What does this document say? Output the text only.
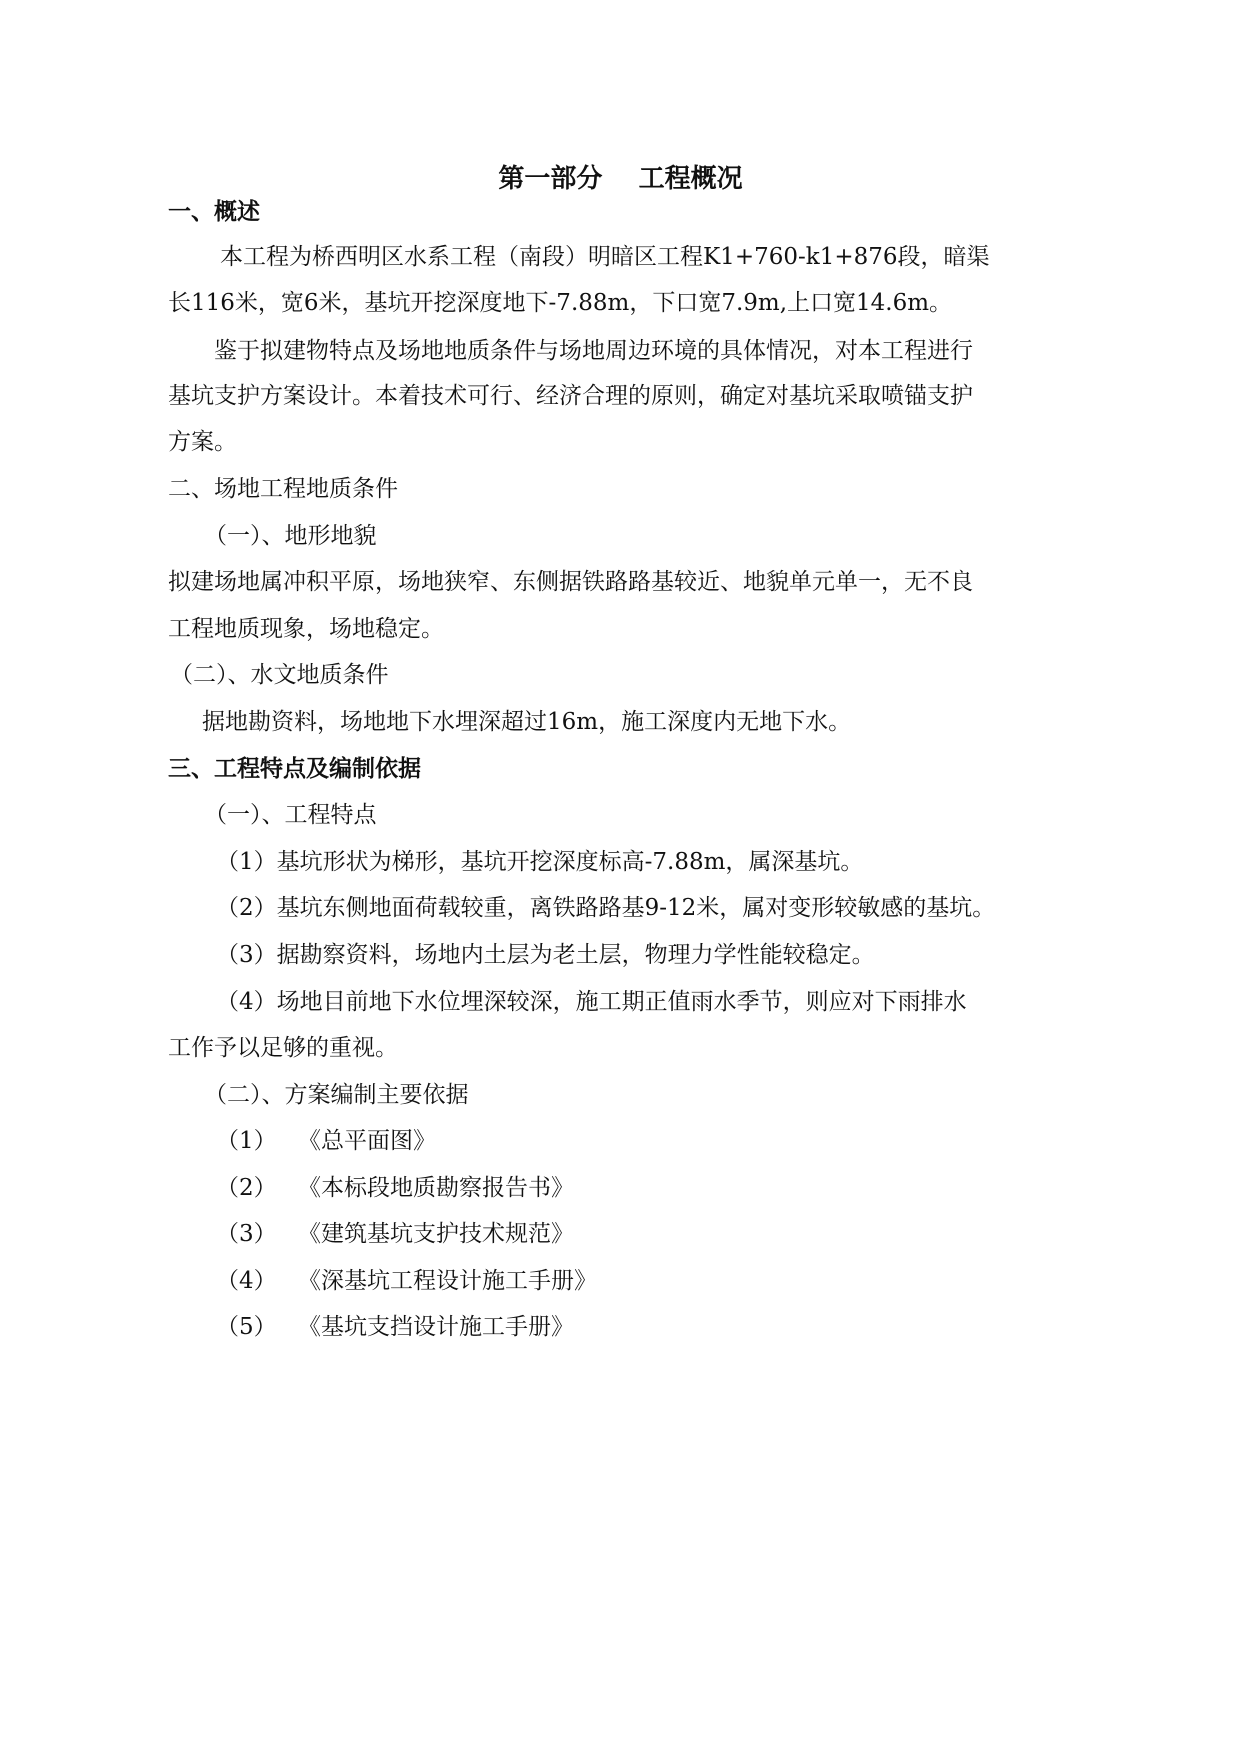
第一部分    工程概况
一、概述
本工程为桥西明区水系工程（南段）明暗区工程K1+760-k1+876段，暗渠
长116米，宽6米，基坑开挖深度地下-7.88m，下口宽7.9m,上口宽14.6m。
鉴于拟建物特点及场地地质条件与场地周边环境的具体情况，对本工程进行
基坑支护方案设计。本着技术可行、经济合理的原则，确定对基坑采取喷锚支护
方案。
二、场地工程地质条件
（一）、地形地貌
拟建场地属冲积平原，场地狭窄、东侧据铁路路基较近、地貌单元单一，无不良
工程地质现象，场地稳定。
（二）、水文地质条件
据地勘资料，场地地下水埋深超过16m，施工深度内无地下水。
三、工程特点及编制依据
（一）、工程特点
（1）基坑形状为梯形，基坑开挖深度标高-7.88m，属深基坑。
（2）基坑东侧地面荷载较重，离铁路路基9-12米，属对变形较敏感的基坑。
（3）据勘察资料，场地内土层为老土层，物理力学性能较稳定。
（4）场地目前地下水位埋深较深，施工期正值雨水季节，则应对下雨排水
工作予以足够的重视。
（二）、方案编制主要依据
（1） 《总平面图》
（2） 《本标段地质勘察报告书》
（3） 《建筑基坑支护技术规范》
（4） 《深基坑工程设计施工手册》
（5） 《基坑支挡设计施工手册》
